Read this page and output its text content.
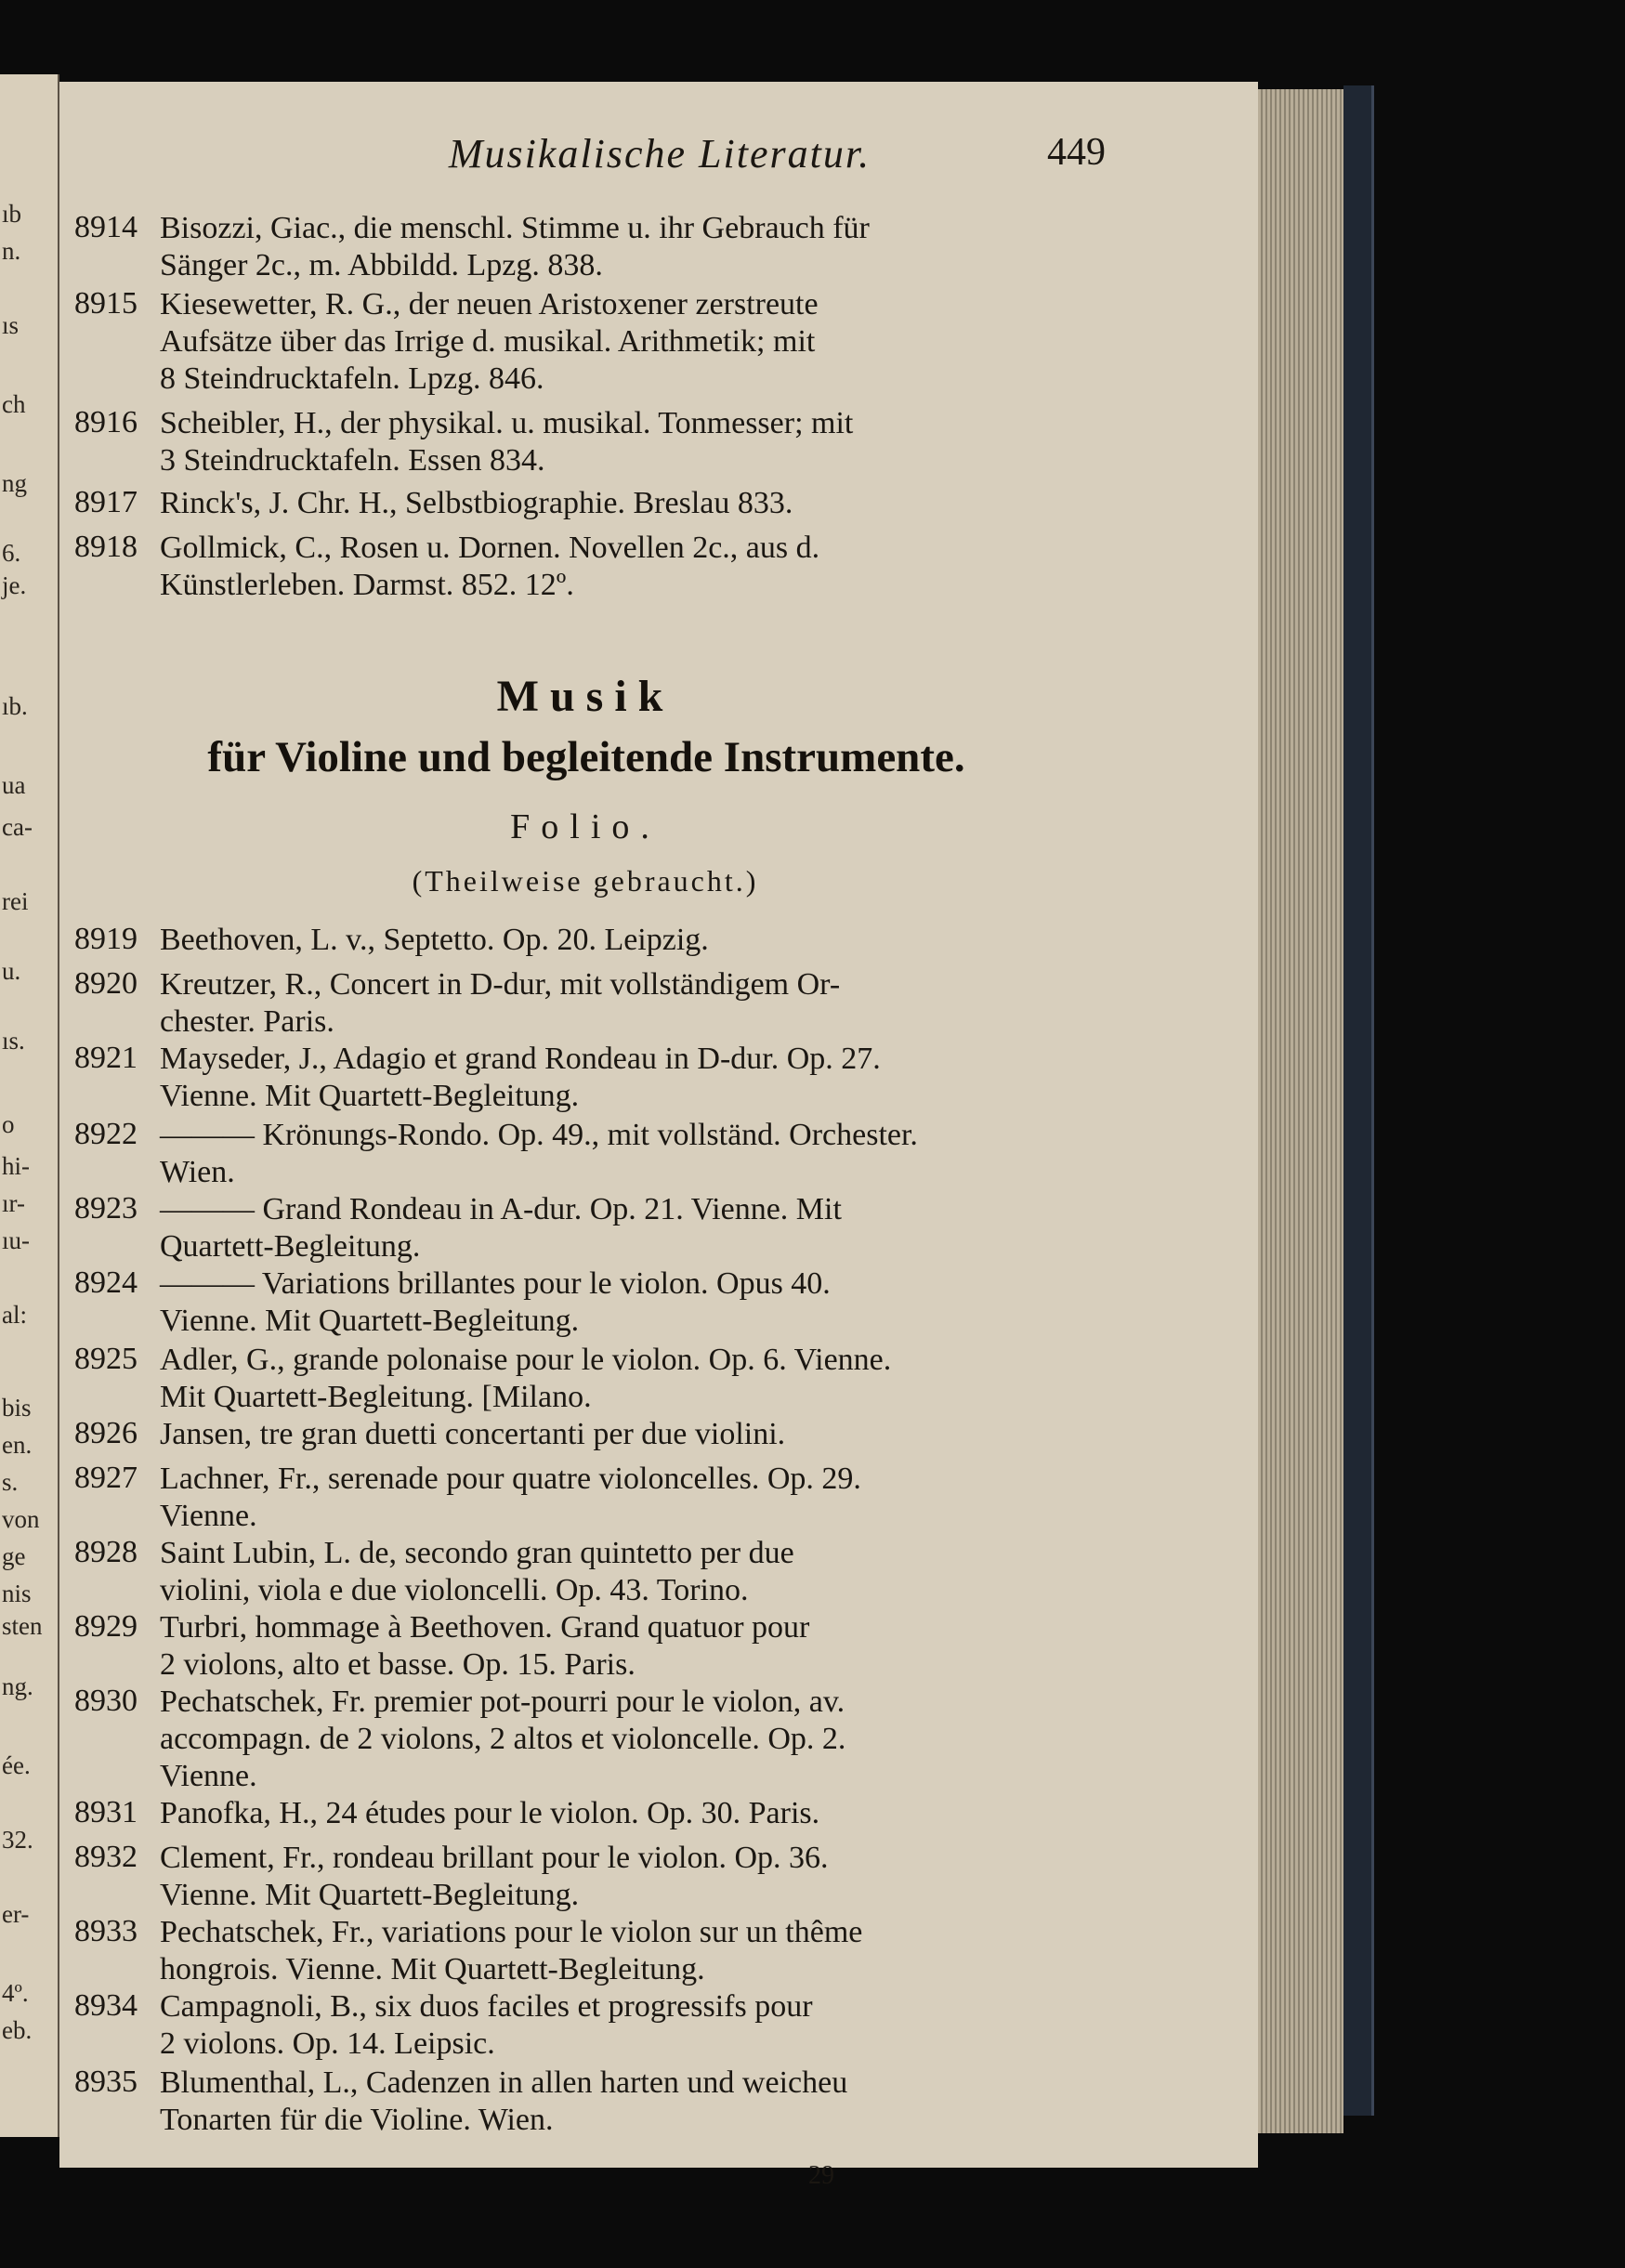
ıb
n.
ıs
ch
ng
6.
je.
ıb.
ua
ca-
rei
u.
ıs.
o
hi-
ır-
ıu-
al:
bis
en.
s.
von
ge
nis
sten
ng.
ée.
32.
er-
4º.
eb.
Musikalische Literatur.	449
8914 Bisozzi, Giac., die menschl. Stimme u. ihr Gebrauch für
Sänger 2c., m. Abbildd. Lpzg. 838.
8915 Kiesewetter, R. G., der neuen Aristoxener zerstreute
Aufsätze über das Irrige d. musikal. Arithmetik; mit
8 Steindrucktafeln. Lpzg. 846.
8916 Scheibler, H., der physikal. u. musikal. Tonmesser; mit
3 Steindrucktafeln. Essen 834.
8917 Rinck's, J. Chr. H., Selbstbiographie. Breslau 833.
8918 Gollmick, C., Rosen u. Dornen. Novellen 2c., aus d.
Künstlerleben. Darmst. 852. 12º.
Musik
für Violine und begleitende Instrumente.
Folio.
(Theilweise gebraucht.)
8919 Beethoven, L. v., Septetto. Op. 20. Leipzig.
8920 Kreutzer, R., Concert in D-dur, mit vollständigem Or-
chester. Paris.
8921 Mayseder, J., Adagio et grand Rondeau in D-dur. Op. 27.
Vienne. Mit Quartett-Begleitung.
8922 ——— Krönungs-Rondo. Op. 49., mit vollständ. Orchester.
Wien.
8923 ——— Grand Rondeau in A-dur. Op. 21. Vienne. Mit
Quartett-Begleitung.
8924 ——— Variations brillantes pour le violon. Opus 40.
Vienne. Mit Quartett-Begleitung.
8925 Adler, G., grande polonaise pour le violon. Op. 6. Vienne.
Mit Quartett-Begleitung. [Milano.
8926 Jansen, tre gran duetti concertanti per due violini.
8927 Lachner, Fr., serenade pour quatre violoncelles. Op. 29.
Vienne.
8928 Saint Lubin, L. de, secondo gran quintetto per due
violini, viola e due violoncelli. Op. 43. Torino.
8929 Turbri, hommage à Beethoven. Grand quatuor pour
2 violons, alto et basse. Op. 15. Paris.
8930 Pechatschek, Fr. premier pot-pourri pour le violon, av.
accompagn. de 2 violons, 2 altos et violoncelle. Op. 2.
Vienne.
8931 Panofka, H., 24 études pour le violon. Op. 30. Paris.
8932 Clement, Fr., rondeau brillant pour le violon. Op. 36.
Vienne. Mit Quartett-Begleitung.
8933 Pechatschek, Fr., variations pour le violon sur un thême
hongrois. Vienne. Mit Quartett-Begleitung.
8934 Campagnoli, B., six duos faciles et progressifs pour
2 violons. Op. 14. Leipsic.
8935 Blumenthal, L., Cadenzen in allen harten und weicheu
Tonarten für die Violine. Wien.
29
